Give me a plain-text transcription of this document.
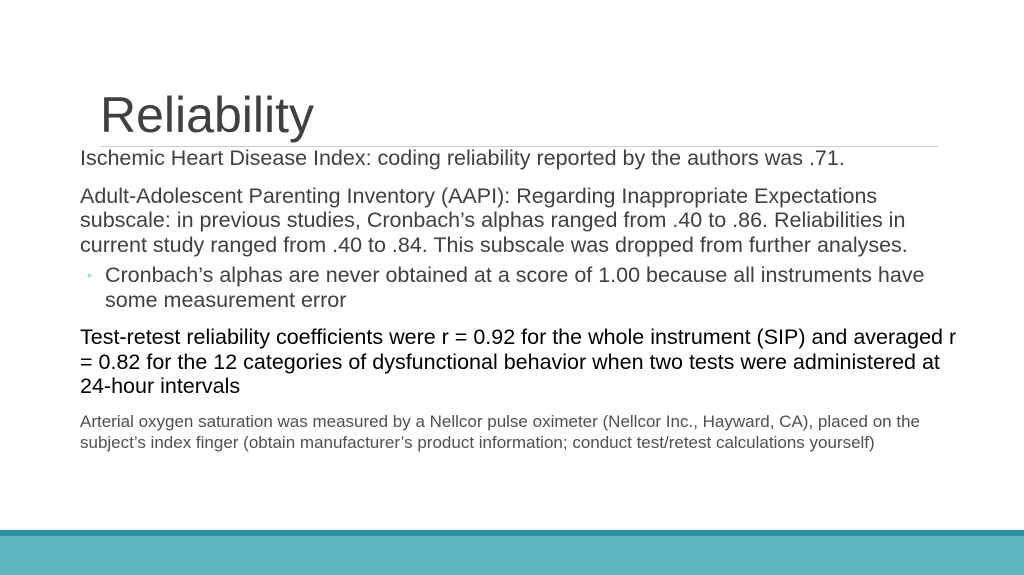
Reliability

Ischemic Heart Disease Index: coding reliability reported by the authors was .71.

Adult-Adolescent Parenting Inventory (AAPI): Regarding Inappropriate Expectations subscale: in previous studies, Cronbach’s alphas ranged from .40 to .86. Reliabilities in current study ranged from .40 to .84. This subscale was dropped from further analyses.

◦ Cronbach’s alphas are never obtained at a score of 1.00 because all instruments have some measurement error

Test-retest reliability coefficients were r = 0.92 for the whole instrument (SIP) and averaged r = 0.82 for the 12 categories of dysfunctional behavior when two tests were administered at 24-hour intervals

Arterial oxygen saturation was measured by a Nellcor pulse oximeter (Nellcor Inc., Hayward, CA), placed on the subject’s index finger (obtain manufacturer’s product information; conduct test/retest calculations yourself)
